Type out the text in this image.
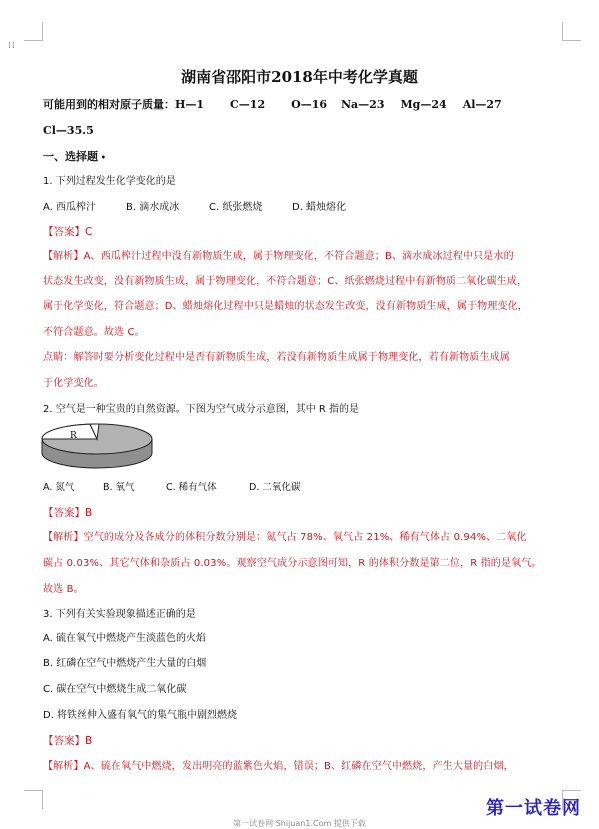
⁞⁞
湖南省邵阳市2018年中考化学真题
可能用到的相对原子质量：H—1 C—12 O—16 Na—23 Mg—24 Al—27
Cl—35.5
一、选择题 •
1. 下列过程发生化学变化的是
A. 西瓜榨汁	B. 滴水成冰	C. 纸张燃烧	D. 蜡烛熔化
【答案】C
【解析】A、西瓜榨汁过程中没有新物质生成，属于物理变化，不符合题意；B、滴水成冰过程中只是水的
状态发生改变，没有新物质生成，属于物理变化，不符合题意；C、纸张燃烧过程中有新物质二氧化碳生成，
属于化学变化，符合题意；D、蜡烛熔化过程中只是蜡烛的状态发生改变，没有新物质生成，属于物理变化，
不符合题意。故选 C。
点睛：解答时要分析变化过程中是否有新物质生成，若没有新物质生成属于物理变化，若有新物质生成属
于化学变化。
2. 空气是一种宝贵的自然资源。下图为空气成分示意图，其中 R 指的是
R
A. 氮气	B. 氧气	C. 稀有气体	D. 二氧化碳
【答案】B
【解析】空气的成分及各成分的体积分数分别是：氮气占 78%、氧气占 21%、稀有气体占 0.94%、二氧化
碳占 0.03%、其它气体和杂质占 0.03%。观察空气成分示意图可知，R 的体积分数是第二位，R 指的是氧气。
故选 B。
3. 下列有关实验现象描述正确的是
A. 硫在氧气中燃烧产生淡蓝色的火焰
B. 红磷在空气中燃烧产生大量的白烟
C. 碳在空气中燃烧生成二氧化碳
D. 将铁丝伸入盛有氧气的集气瓶中剧烈燃烧
【答案】B
【解析】A、硫在氧气中燃烧，发出明亮的蓝紫色火焰，错误；B、红磷在空气中燃烧，产生大量的白烟，
第一试卷网 Shijuan1.Com 提供下载
第一试卷网
